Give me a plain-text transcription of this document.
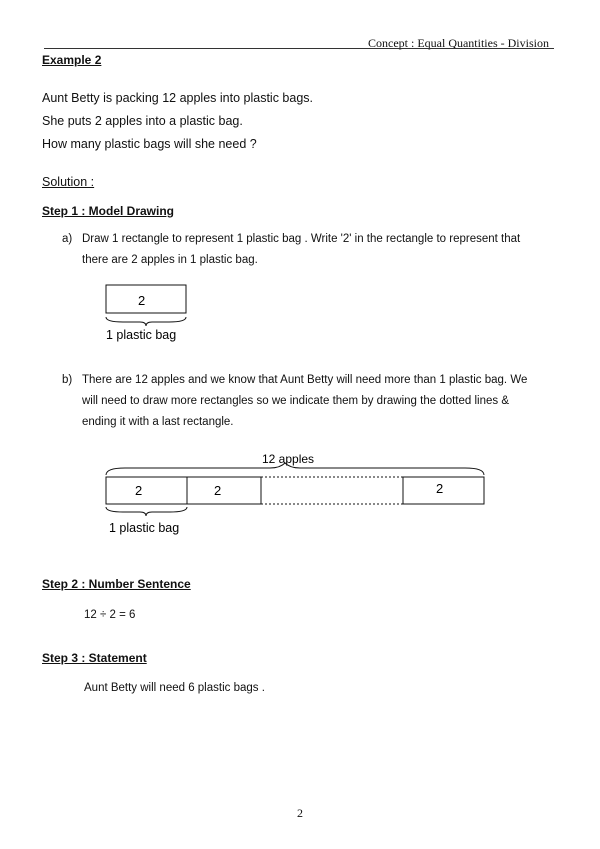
Concept : Equal Quantities - Division
Example 2
Aunt Betty is packing 12 apples into plastic bags.
She puts 2 apples into a plastic bag.
How many plastic bags will she need ?
Solution :
Step 1 : Model Drawing
a) Draw 1 rectangle to represent 1 plastic bag . Write '2' in the rectangle to represent that
there are 2 apples in 1 plastic bag.
2
1 plastic bag
b) There are 12 apples and we know that Aunt Betty will need more than 1 plastic bag. We
will need to draw more rectangles so we indicate them by drawing the dotted lines &
ending it with a last rectangle.
12 apples
2	2	2
1 plastic bag
Step 2 : Number Sentence
12 ÷ 2 = 6
Step 3 : Statement
Aunt Betty will need 6 plastic bags .
2
